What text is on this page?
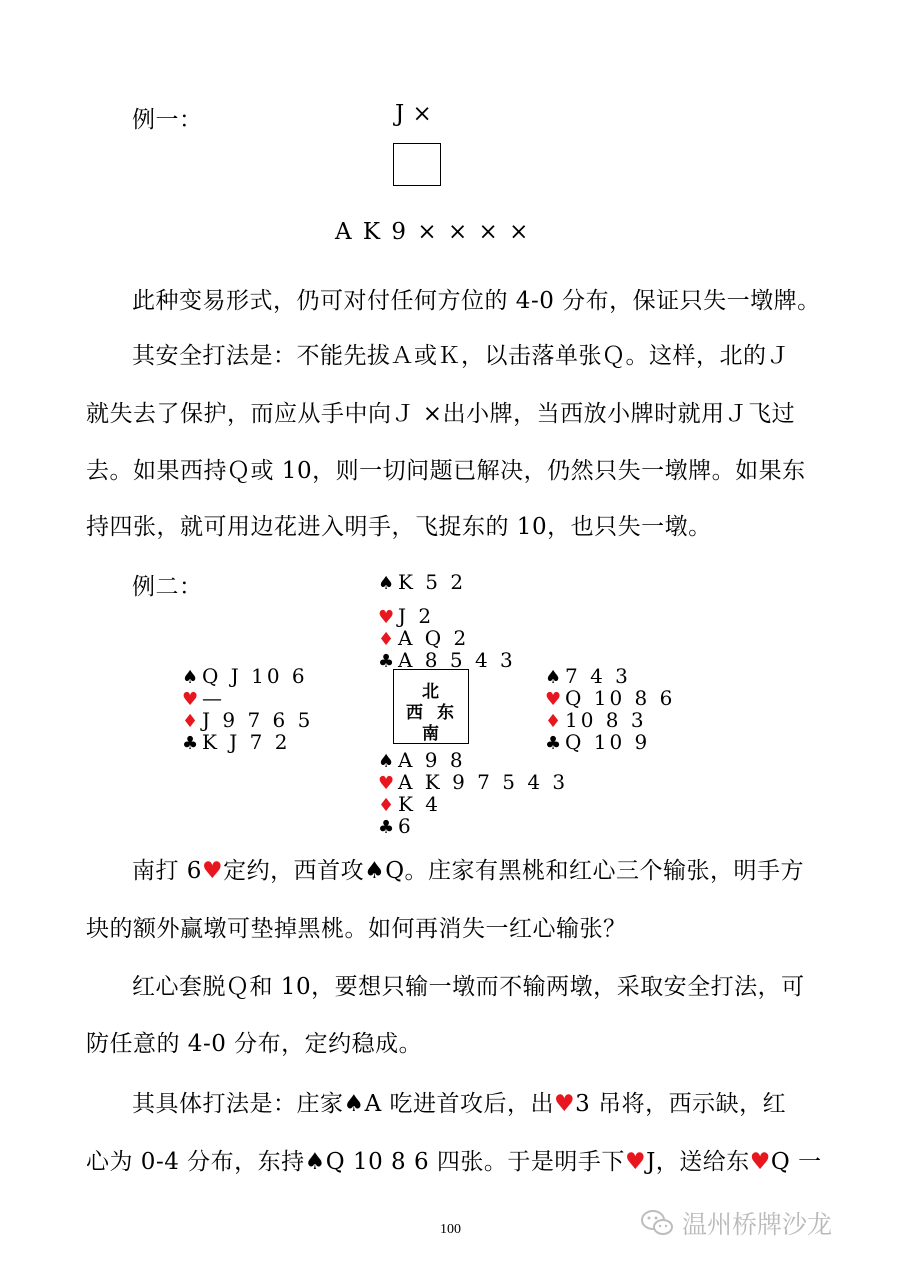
例一：	J ×
A K 9 × × × ×
此种变易形式，仍可对付任何方位的 4-0 分布，保证只失一墩牌。
其安全打法是：不能先拔Ａ或Ｋ，以击落单张Ｑ。这样，北的Ｊ
就失去了保护，而应从手中向Ｊ ×出小牌，当西放小牌时就用Ｊ飞过
去。如果西持Ｑ或 10，则一切问题已解决，仍然只失一墩牌。如果东
持四张，就可用边花进入明手，飞捉东的 10，也只失一墩。
例二：	♠ K 5 2
♥ J 2
♦ A Q 2
♣ A 8 5 4 3
♠ Q J 10 6
♥ —
♦ J 9 7 6 5
♣ K J 7 2
北
西 东
南
♠ 7 4 3
♥ Q 10 8 6
♦ 10 8 3
♣ Q 10 9
♠ A 9 8
♥ A K 9 7 5 4 3
♦ K 4
♣ 6
南打 6♥定约，西首攻♠Q。庄家有黑桃和红心三个输张，明手方
块的额外赢墩可垫掉黑桃。如何再消失一红心输张？
红心套脱Ｑ和 10，要想只输一墩而不输两墩，采取安全打法，可
防任意的 4-0 分布，定约稳成。
其具体打法是：庄家♠A 吃进首攻后，出♥3 吊将，西示缺，红
心为 0-4 分布，东持♠Q 10 8 6 四张。于是明手下♥J，送给东♥Q 一
100	温州桥牌沙龙
